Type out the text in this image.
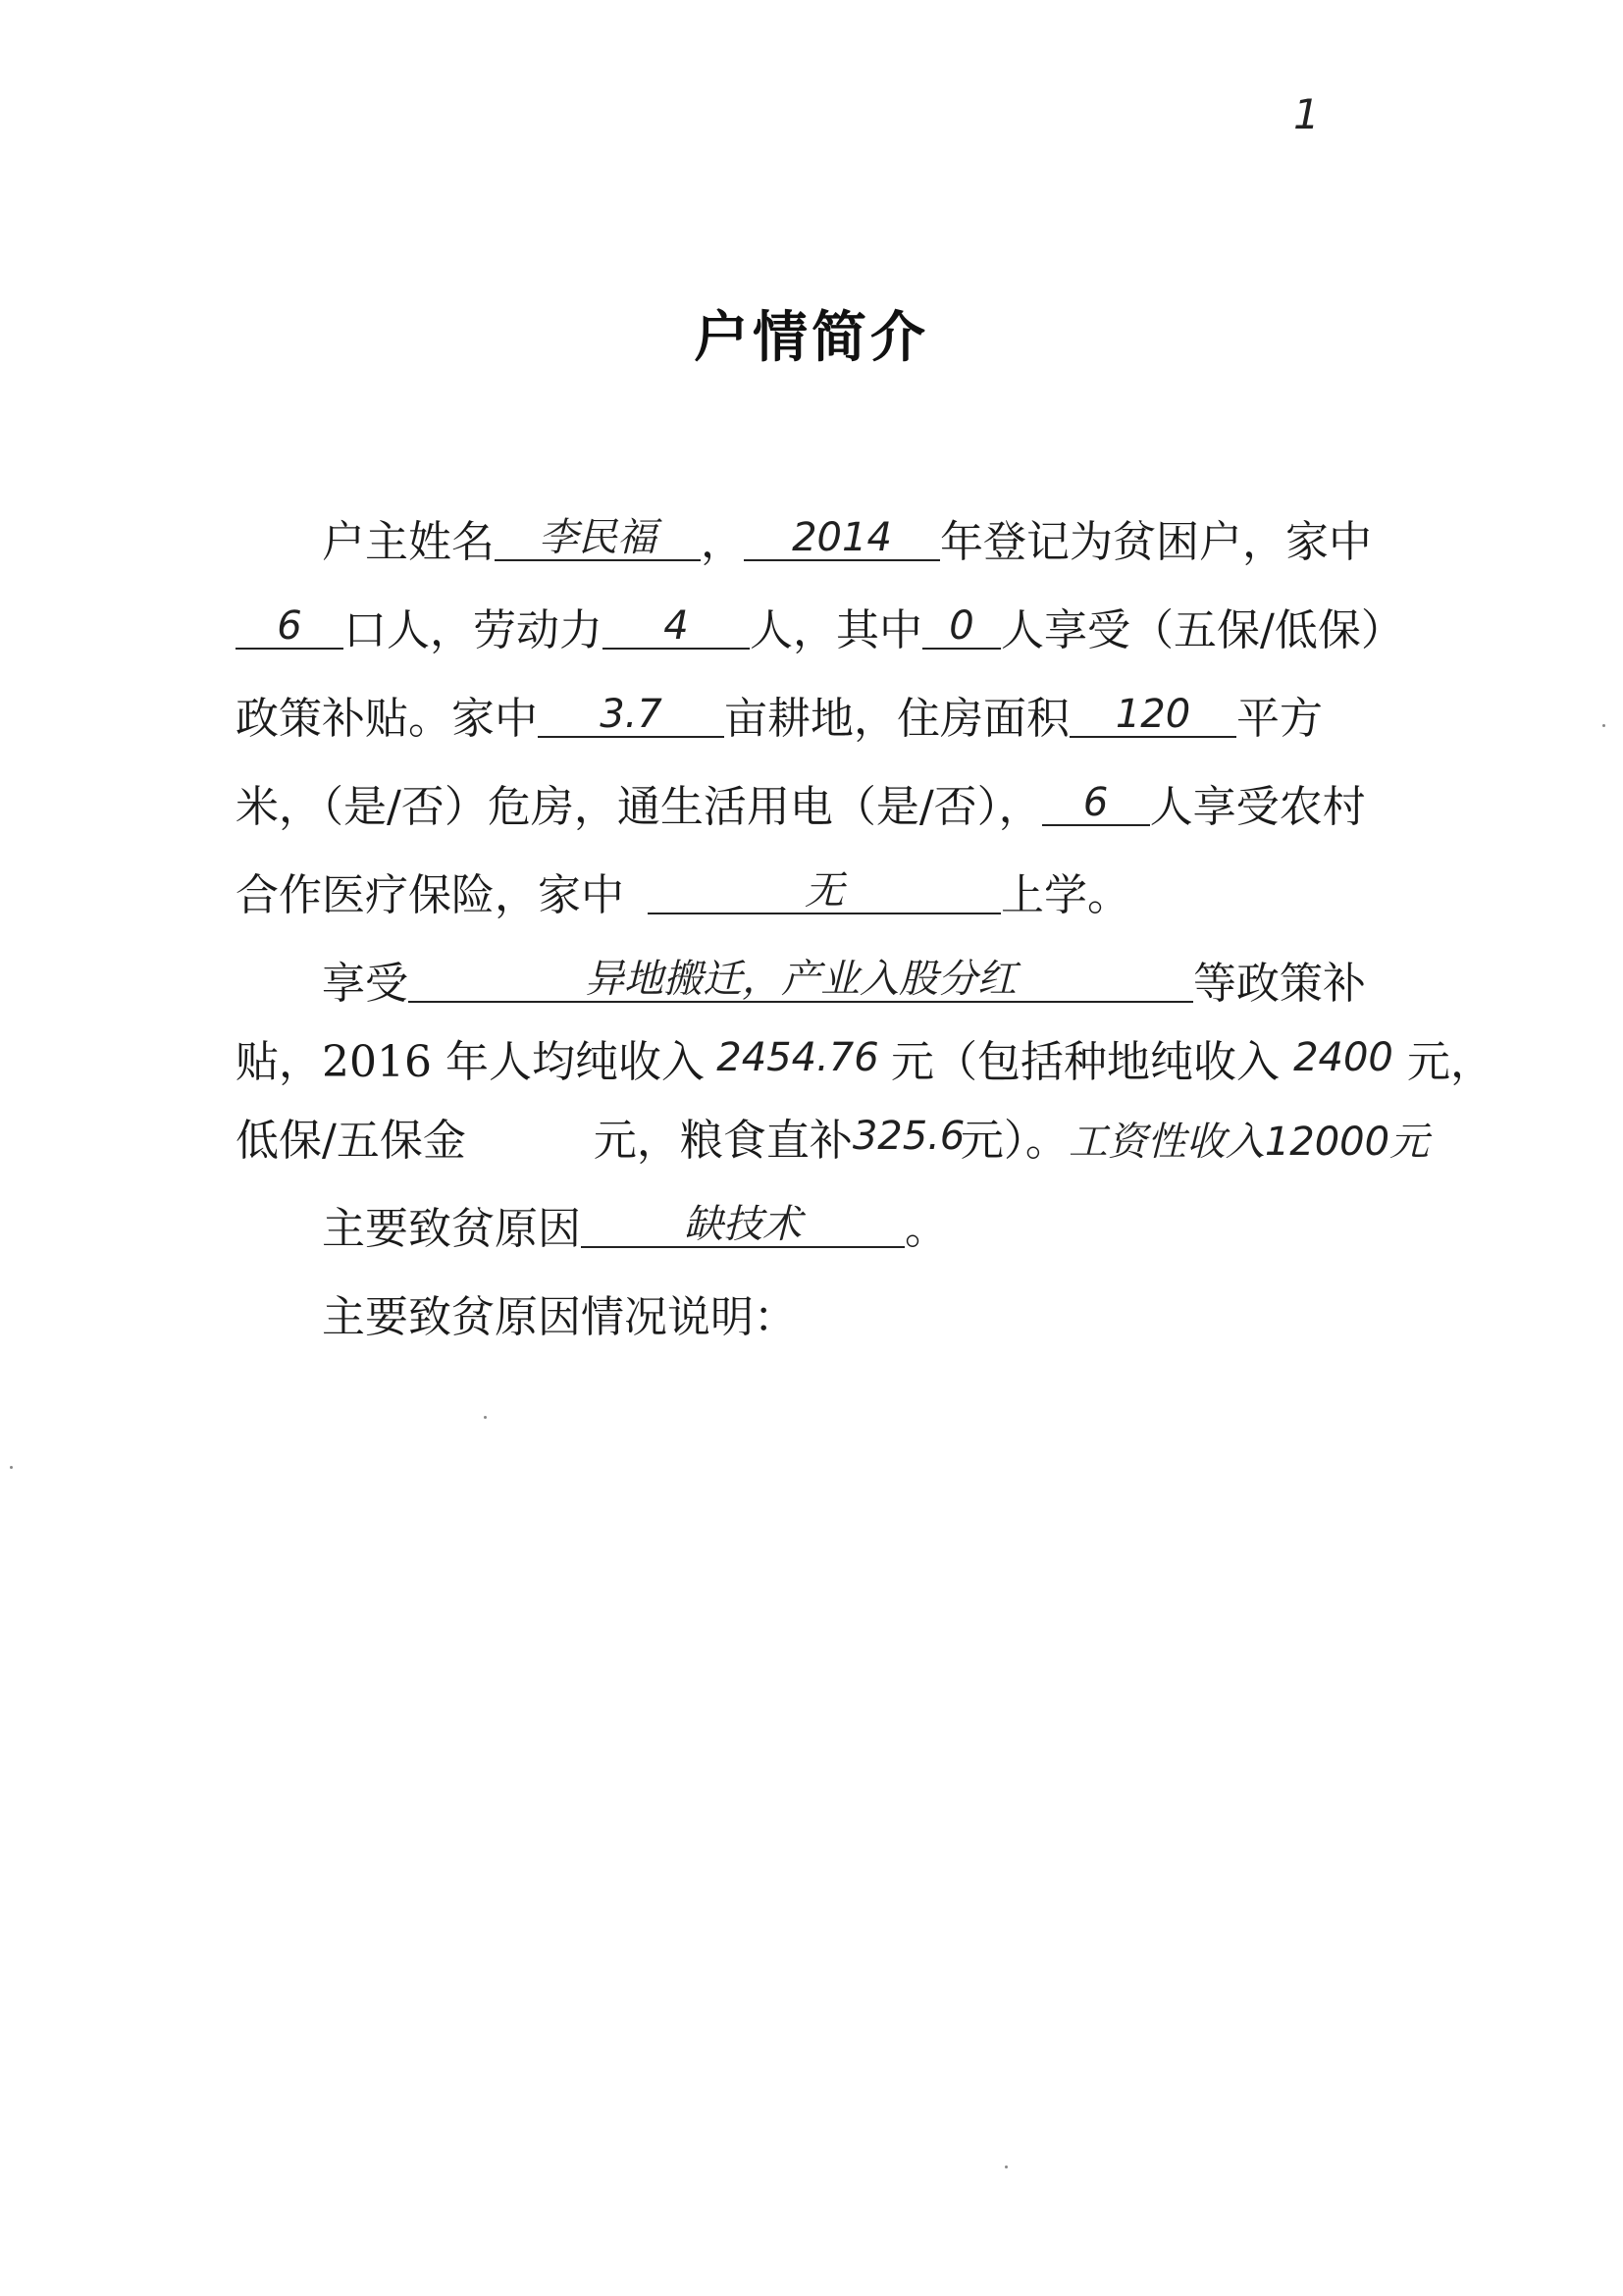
1
户情简介
户主姓名 李民福 ， 2014 年登记为贫困户，家中
6 口人，劳动力 4 人，其中 0 人享受（五保/低保）
政策补贴。家中 3.7 亩耕地，住房面积 120 平方
米，（是/否）危房，通生活用电（是/否）， 6 人享受农村
合作医疗保险，家中	无	上学。
享受	异地搬迁，产业入股分红	等政策补
贴，2016 年人均纯收入 2454.76 元（包括种地纯收入 2400 元，
低保/五保金	元，粮食直补325.6元）。工资性收入12000元
主要致贫原因	缺技术 。
主要致贫原因情况说明：
